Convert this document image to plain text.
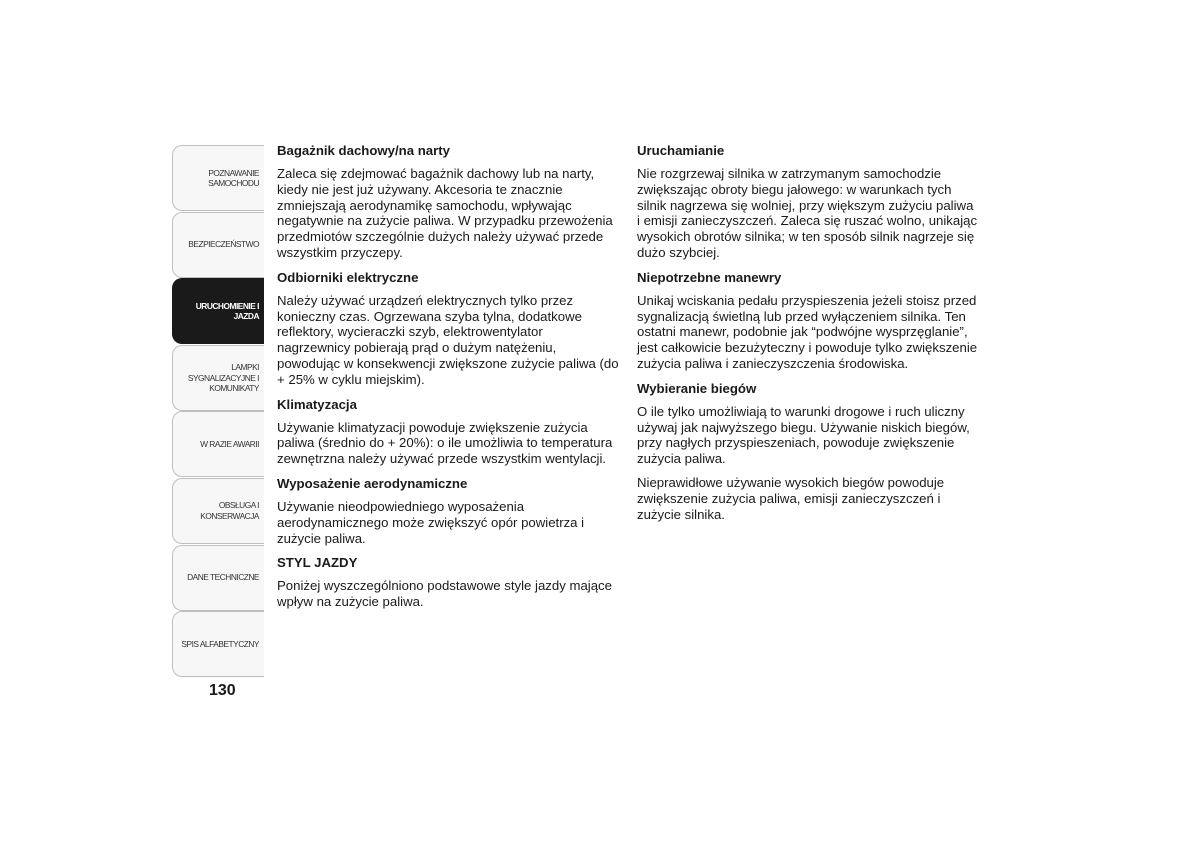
POZNAWANIE SAMOCHODU
BEZPIECZEŃSTWO
URUCHOMIENIE I JAZDA
LAMPKI SYGNALIZACYJNE I KOMUNIKATY
W RAZIE AWARII
OBSŁUGA I KONSERWACJA
DANE TECHNICZNE
SPIS ALFABETYCZNY
130
Bagażnik dachowy/na narty

Zaleca się zdejmować bagażnik dachowy lub na narty, kiedy nie jest już używany. Akcesoria te znacznie zmniejszają aerodynamikę samochodu, wpływając negatywnie na zużycie paliwa. W przypadku przewożenia przedmiotów szczególnie dużych należy używać przede wszystkim przyczepy.

Odbiorniki elektryczne

Należy używać urządzeń elektrycznych tylko przez konieczny czas. Ogrzewana szyba tylna, dodatkowe reflektory, wycieraczki szyb, elektrowentylator nagrzewnicy pobierają prąd o dużym natężeniu, powodując w konsekwencji zwiększone zużycie paliwa (do + 25% w cyklu miejskim).

Klimatyzacja

Używanie klimatyzacji powoduje zwiększenie zużycia paliwa (średnio do + 20%): o ile umożliwia to temperatura zewnętrzna należy używać przede wszystkim wentylacji.

Wyposażenie aerodynamiczne

Używanie nieodpowiedniego wyposażenia aerodynamicznego może zwiększyć opór powietrza i zużycie paliwa.

STYL JAZDY

Poniżej wyszczególniono podstawowe style jazdy mające wpływ na zużycie paliwa.

Uruchamianie

Nie rozgrzewaj silnika w zatrzymanym samochodzie zwiększając obroty biegu jałowego: w warunkach tych silnik nagrzewa się wolniej, przy większym zużyciu paliwa i emisji zanieczyszczeń. Zaleca się ruszać wolno, unikając wysokich obrotów silnika; w ten sposób silnik nagrzeje się dużo szybciej.

Niepotrzebne manewry

Unikaj wciskania pedału przyspieszenia jeżeli stoisz przed sygnalizacją świetlną lub przed wyłączeniem silnika. Ten ostatni manewr, podobnie jak “podwójne wysprzęglanie”, jest całkowicie bezużyteczny i powoduje tylko zwiększenie zużycia paliwa i zanieczyszczenia środowiska.

Wybieranie biegów

O ile tylko umożliwiają to warunki drogowe i ruch uliczny używaj jak najwyższego biegu. Używanie niskich biegów, przy nagłych przyspieszeniach, powoduje zwiększenie zużycia paliwa.

Nieprawidłowe używanie wysokich biegów powoduje zwiększenie zużycia paliwa, emisji zanieczyszczeń i zużycie silnika.
